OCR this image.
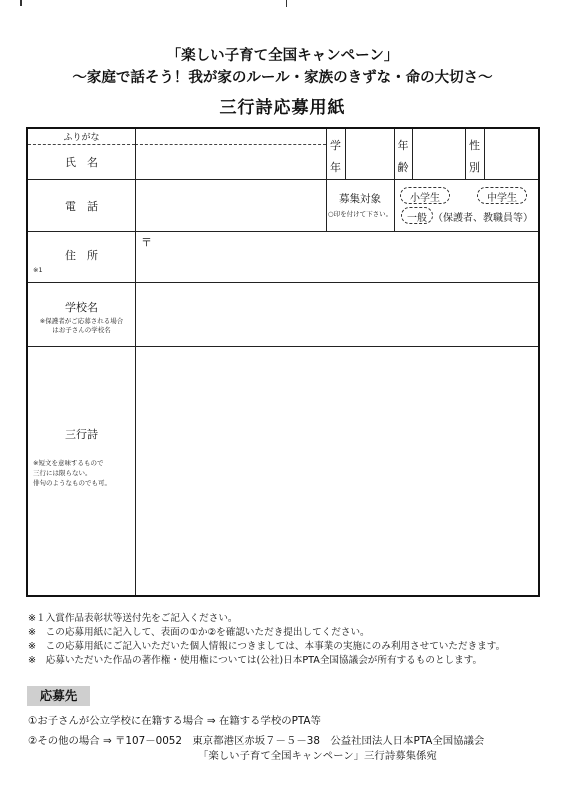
「楽しい子育て全国キャンペーン」
～家庭で話そう！我が家のルール・家族のきずな・命の大切さ～
三行詩応募用紙
ふりがな
氏　名
学
年
年
齢
性
別
電　話
募集対象
○印を付けて下さい。
小学生	中学生
一般 （保護者、教職員等）
住　所
※1
〒
学校名
※保護者がご応募される場合
はお子さんの学校名
三行詩
※短文を意味するもので
三行には限らない。
俳句のようなものでも可。
※１入賞作品表彰状等送付先をご記入ください。
※　この応募用紙に記入して、表面の①か②を確認いただき提出してください。
※　この応募用紙にご記入いただいた個人情報につきましては、本事業の実施にのみ利用させていただきます。
※　応募いただいた作品の著作権・使用権については(公社)日本PTA全国協議会が所有するものとします。
応募先
①お子さんが公立学校に在籍する場合 ⇒ 在籍する学校のPTA等
②その他の場合 ⇒ 〒107－0052　東京都港区赤坂７－５－38　公益社団法人日本PTA全国協議会
「楽しい子育て全国キャンペーン」三行詩募集係宛
